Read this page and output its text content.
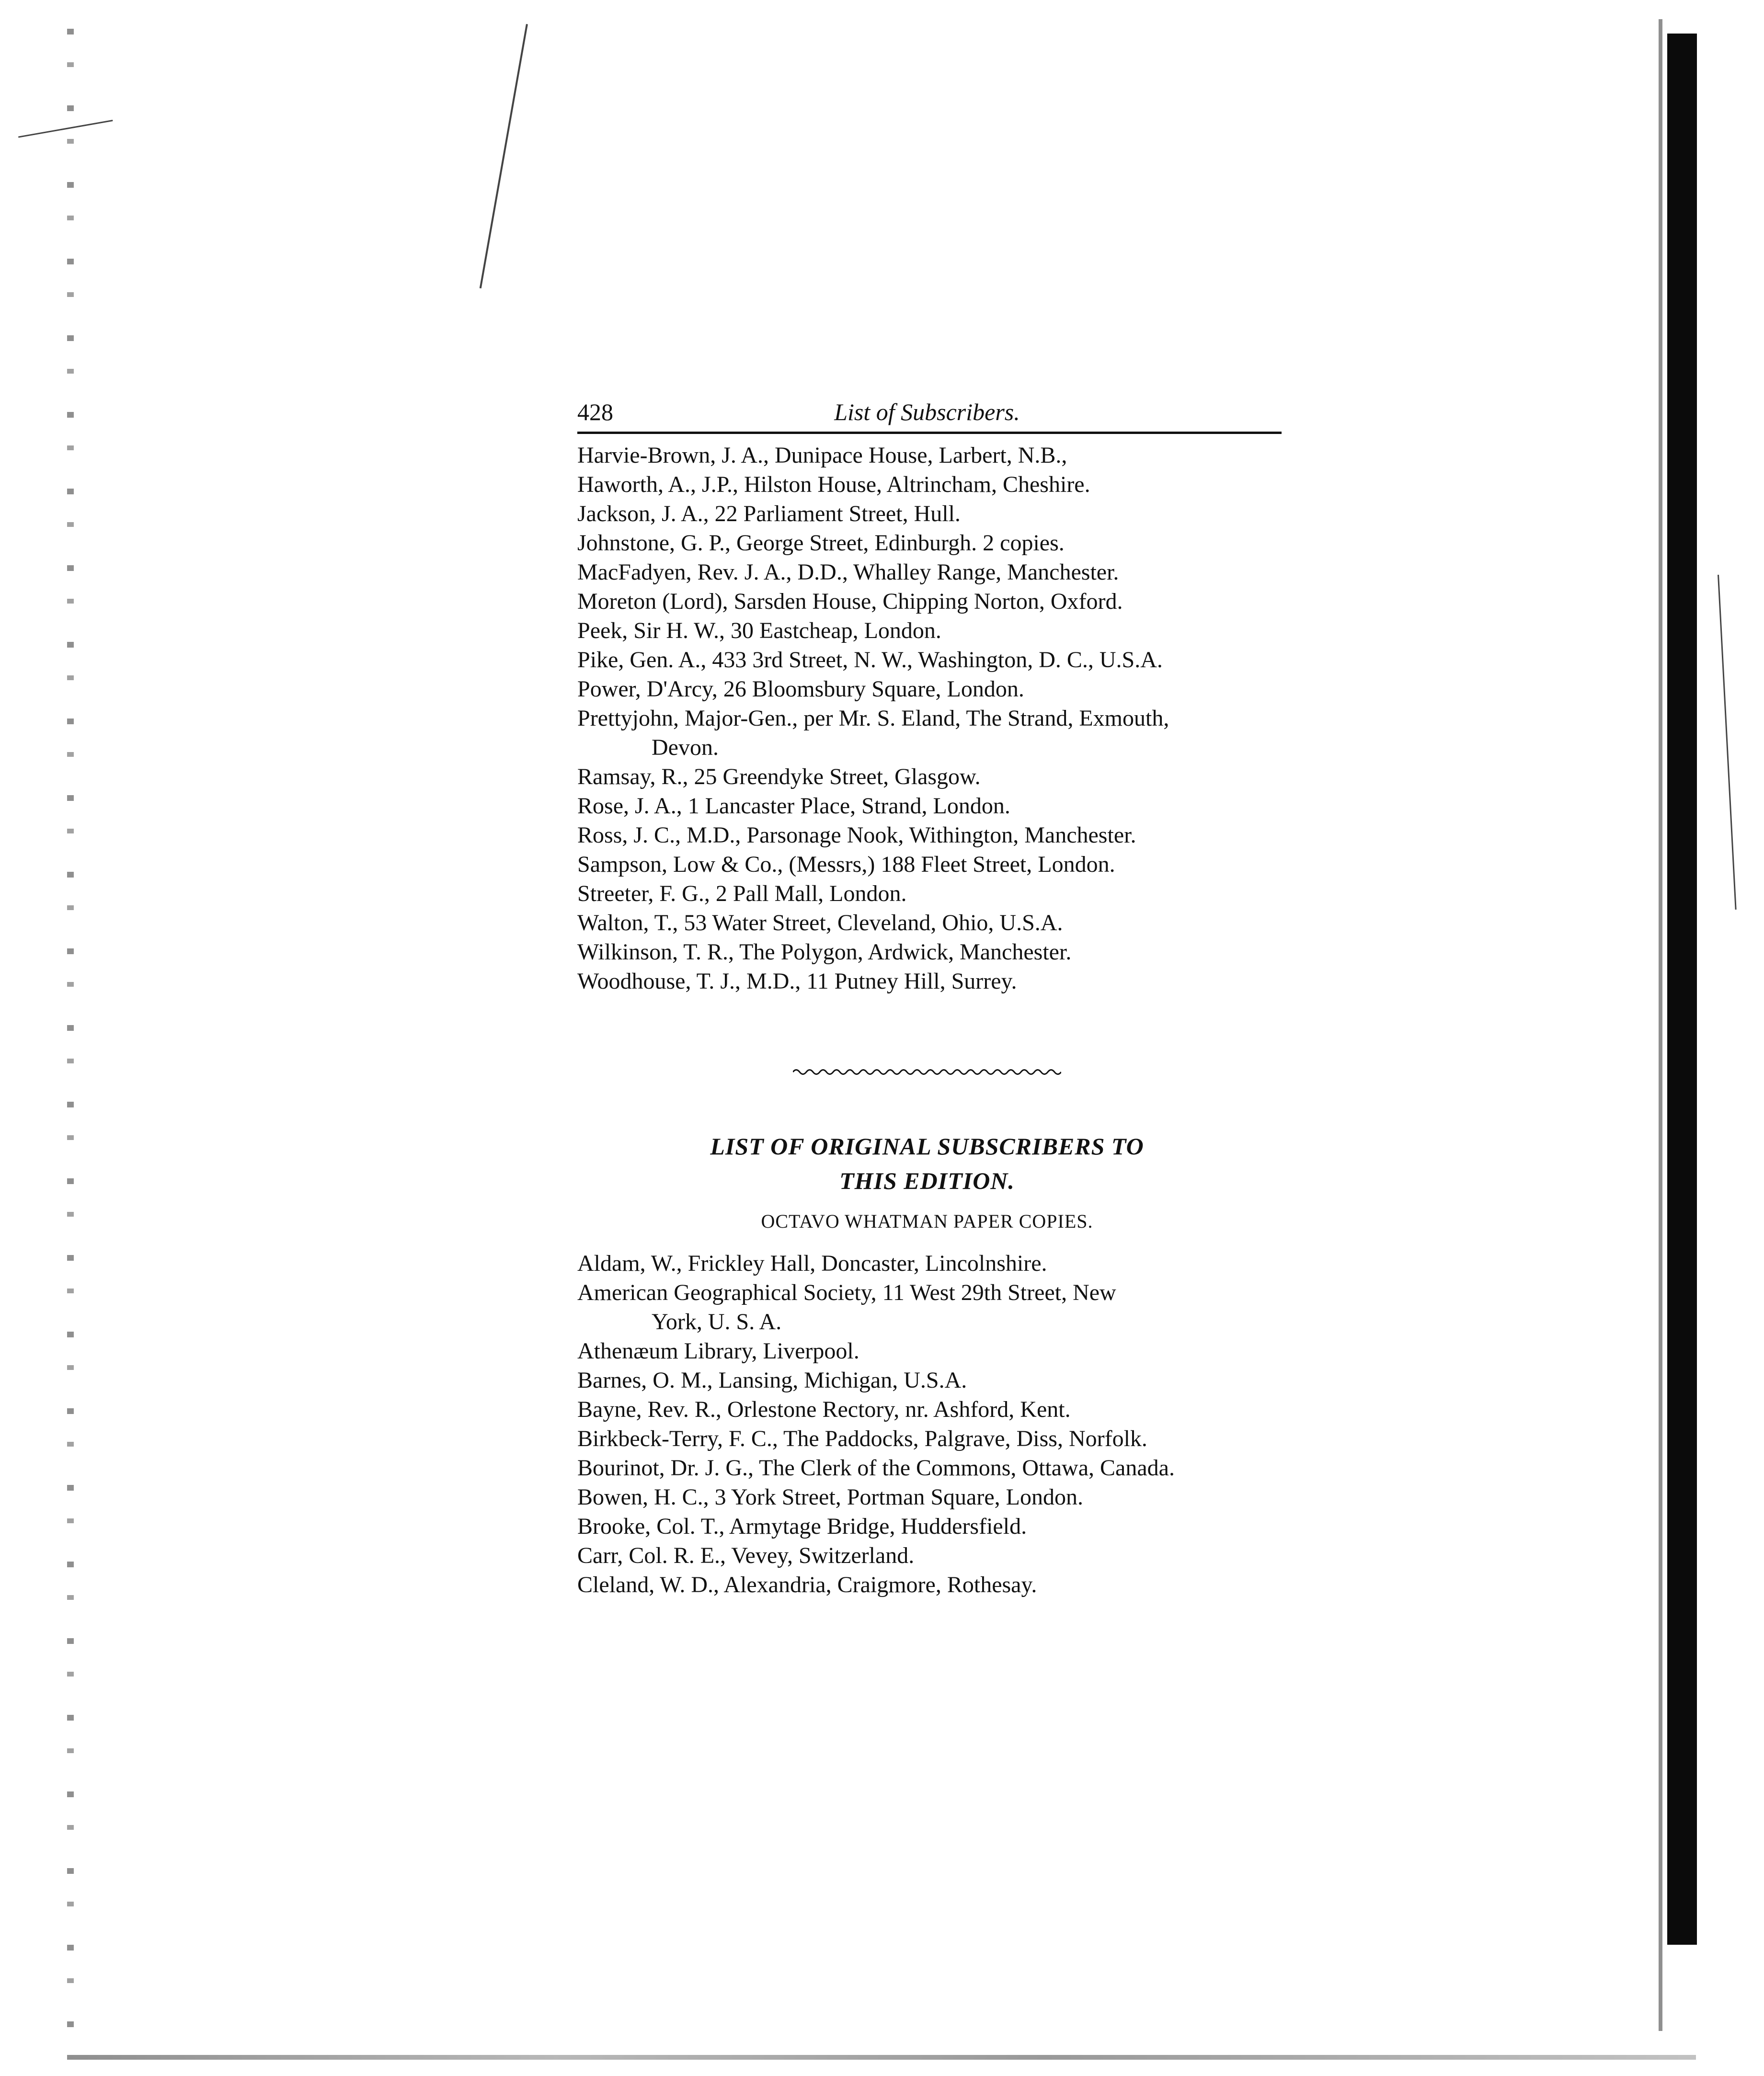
428	List of Subscribers.
Harvie-Brown, J. A., Dunipace House, Larbert, N.B.,
Haworth, A., J.P., Hilston House, Altrincham, Cheshire.
Jackson, J. A., 22 Parliament Street, Hull.
Johnstone, G. P., George Street, Edinburgh. 2 copies.
MacFadyen, Rev. J. A., D.D., Whalley Range, Manchester.
Moreton (Lord), Sarsden House, Chipping Norton, Oxford.
Peek, Sir H. W., 30 Eastcheap, London.
Pike, Gen. A., 433 3rd Street, N. W., Washington, D. C., U.S.A.
Power, D'Arcy, 26 Bloomsbury Square, London.
Prettyjohn, Major-Gen., per Mr. S. Eland, The Strand, Exmouth,
Devon.
Ramsay, R., 25 Greendyke Street, Glasgow.
Rose, J. A., 1 Lancaster Place, Strand, London.
Ross, J. C., M.D., Parsonage Nook, Withington, Manchester.
Sampson, Low & Co., (Messrs,) 188 Fleet Street, London.
Streeter, F. G., 2 Pall Mall, London.
Walton, T., 53 Water Street, Cleveland, Ohio, U.S.A.
Wilkinson, T. R., The Polygon, Ardwick, Manchester.
Woodhouse, T. J., M.D., 11 Putney Hill, Surrey.
LIST OF ORIGINAL SUBSCRIBERS TO
THIS EDITION.
OCTAVO WHATMAN PAPER COPIES.
Aldam, W., Frickley Hall, Doncaster, Lincolnshire.
American Geographical Society, 11 West 29th Street, New
York, U. S. A.
Athenæum Library, Liverpool.
Barnes, O. M., Lansing, Michigan, U.S.A.
Bayne, Rev. R., Orlestone Rectory, nr. Ashford, Kent.
Birkbeck-Terry, F. C., The Paddocks, Palgrave, Diss, Norfolk.
Bourinot, Dr. J. G., The Clerk of the Commons, Ottawa, Canada.
Bowen, H. C., 3 York Street, Portman Square, London.
Brooke, Col. T., Armytage Bridge, Huddersfield.
Carr, Col. R. E., Vevey, Switzerland.
Cleland, W. D., Alexandria, Craigmore, Rothesay.
